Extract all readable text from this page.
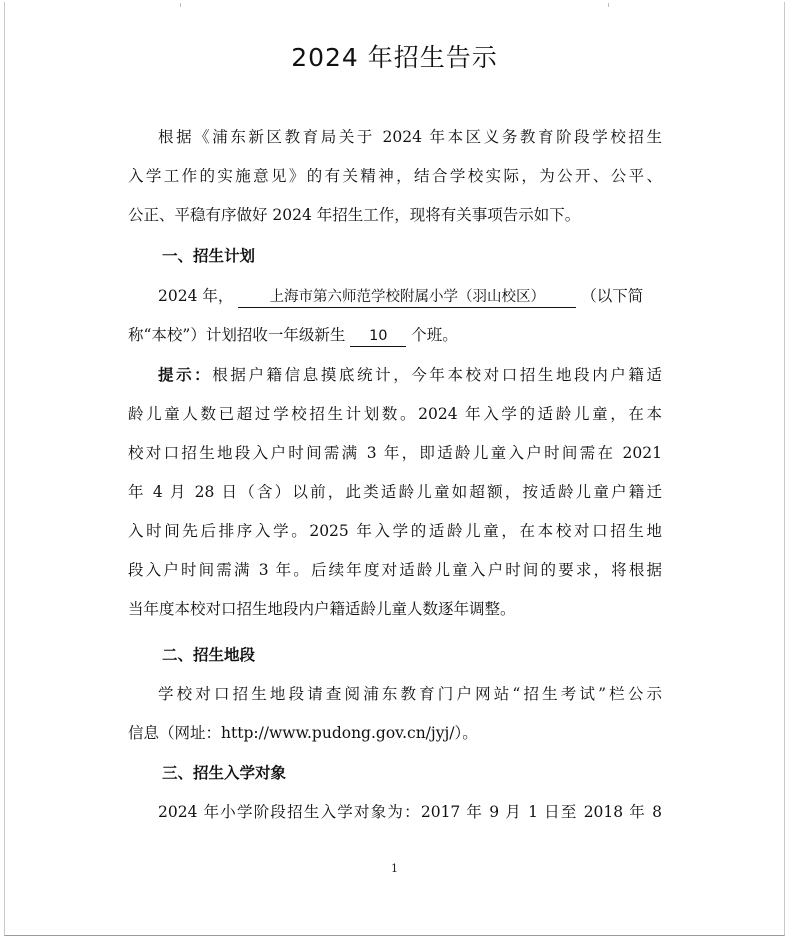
2024 年招生告示
根据《浦东新区教育局关于 2024 年本区义务教育阶段学校招生
入学工作的实施意见》的有关精神，结合学校实际，为公开、公平、
公正、平稳有序做好 2024 年招生工作，现将有关事项告示如下。
一、招生计划
2024 年， 上海市第六师范学校附属小学（羽山校区） （以下简
称“本校”）计划招收一年级新生 10 个班。
提示：根据户籍信息摸底统计，今年本校对口招生地段内户籍适
龄儿童人数已超过学校招生计划数。2024 年入学的适龄儿童，在本
校对口招生地段入户时间需满 3 年，即适龄儿童入户时间需在 2021
年 4 月 28 日（含）以前，此类适龄儿童如超额，按适龄儿童户籍迁
入时间先后排序入学。2025 年入学的适龄儿童，在本校对口招生地
段入户时间需满 3 年。后续年度对适龄儿童入户时间的要求，将根据
当年度本校对口招生地段内户籍适龄儿童人数逐年调整。
二、招生地段
学校对口招生地段请查阅浦东教育门户网站“招生考试”栏公示
信息（网址：http://www.pudong.gov.cn/jyj/）。
三、招生入学对象
2024 年小学阶段招生入学对象为：2017 年 9 月 1 日至 2018 年 8
1
